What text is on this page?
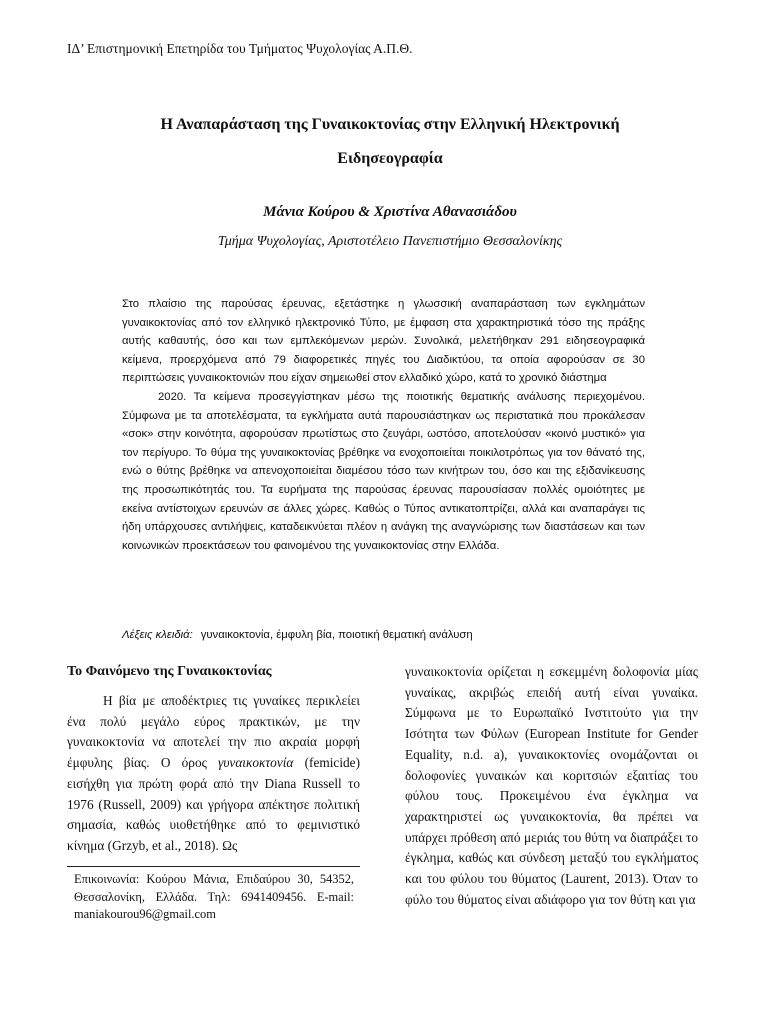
ΙΔ’ Επιστημονική Επετηρίδα του Τμήματος Ψυχολογίας Α.Π.Θ.
Η Αναπαράσταση της Γυναικοκτονίας στην Ελληνική Ηλεκτρονική
Ειδησεογραφία
Μάνια Κούρου & Χριστίνα Αθανασιάδου
Τμήμα Ψυχολογίας, Αριστοτέλειο Πανεπιστήμιο Θεσσαλονίκης

Στο πλαίσιο της παρούσας έρευνας, εξετάστηκε η γλωσσική αναπαράσταση των εγκλημάτων γυναικοκτονίας από τον ελληνικό ηλεκτρονικό Τύπο, με έμφαση στα χαρακτηριστικά τόσο της πράξης αυτής καθαυτής, όσο και των εμπλεκόμενων μερών. Συνολικά, μελετήθηκαν 291 ειδησεογραφικά κείμενα, προερχόμενα από 79 διαφορετικές πηγές του Διαδικτύου, τα οποία αφορούσαν σε 30 περιπτώσεις γυναικοκτονιών που είχαν σημειωθεί στον ελλαδικό χώρο, κατά το χρονικό διάστημα
2020. Τα κείμενα προσεγγίστηκαν μέσω της ποιοτικής θεματικής ανάλυσης περιεχομένου. Σύμφωνα με τα αποτελέσματα, τα εγκλήματα αυτά παρουσιάστηκαν ως περιστατικά που προκάλεσαν «σοκ» στην κοινότητα, αφορούσαν πρωτίστως στο ζευγάρι, ωστόσο, αποτελούσαν «κοινό μυστικό» για τον περίγυρο. Το θύμα της γυναικοκτονίας βρέθηκε να ενοχοποιείται ποικιλοτρόπως για τον θάνατό της, ενώ ο θύτης βρέθηκε να απενοχοποιείται διαμέσου τόσο των κινήτρων του, όσο και της εξιδανίκευσης της προσωπικότητάς του. Τα ευρήματα της παρούσας έρευνας παρουσίασαν πολλές ομοιότητες με εκείνα αντίστοιχων ερευνών σε άλλες χώρες. Καθώς ο Τύπος αντικατοπτρίζει, αλλά και αναπαράγει τις ήδη υπάρχουσες αντιλήψεις, καταδεικνύεται πλέον η ανάγκη της αναγνώρισης των διαστάσεων και των κοινωνικών προεκτάσεων του φαινομένου της γυναικοκτονίας στην Ελλάδα.

Λέξεις κλειδιά: γυναικοκτονία, έμφυλη βία, ποιοτική θεματική ανάλυση
Το Φαινόμενο της Γυναικοκτονίας

Η βία με αποδέκτριες τις γυναίκες περικλείει ένα πολύ μεγάλο εύρος πρακτικών, με την γυναικοκτονία να αποτελεί την πιο ακραία μορφή έμφυλης βίας. Ο όρος γυναικοκτονία (femicide) εισήχθη για πρώτη φορά από την Diana Russell το 1976 (Russell, 2009) και γρήγορα απέκτησε πολιτική σημασία, καθώς υιοθετήθηκε από το φεμινιστικό κίνημα (Grzyb, et al., 2018). Ως

Επικοινωνία: Κούρου Μάνια, Επιδαύρου 30, 54352, Θεσσαλονίκη, Ελλάδα. Τηλ: 6941409456. E-mail: maniakourou96@gmail.com

γυναικοκτονία ορίζεται η εσκεμμένη δολοφονία μίας γυναίκας, ακριβώς επειδή αυτή είναι γυναίκα. Σύμφωνα με το Ευρωπαϊκό Ινστιτούτο για την Ισότητα των Φύλων (European Institute for Gender Equality, n.d. a), γυναικοκτονίες ονομάζονται οι δολοφονίες γυναικών και κοριτσιών εξαιτίας του φύλου τους. Προκειμένου ένα έγκλημα να χαρακτηριστεί ως γυναικοκτονία, θα πρέπει να υπάρχει πρόθεση από μεριάς του θύτη να διαπράξει το έγκλημα, καθώς και σύνδεση μεταξύ του εγκλήματος και του φύλου του θύματος (Laurent, 2013). Όταν το φύλο του θύματος είναι αδιάφορο για τον θύτη και για
